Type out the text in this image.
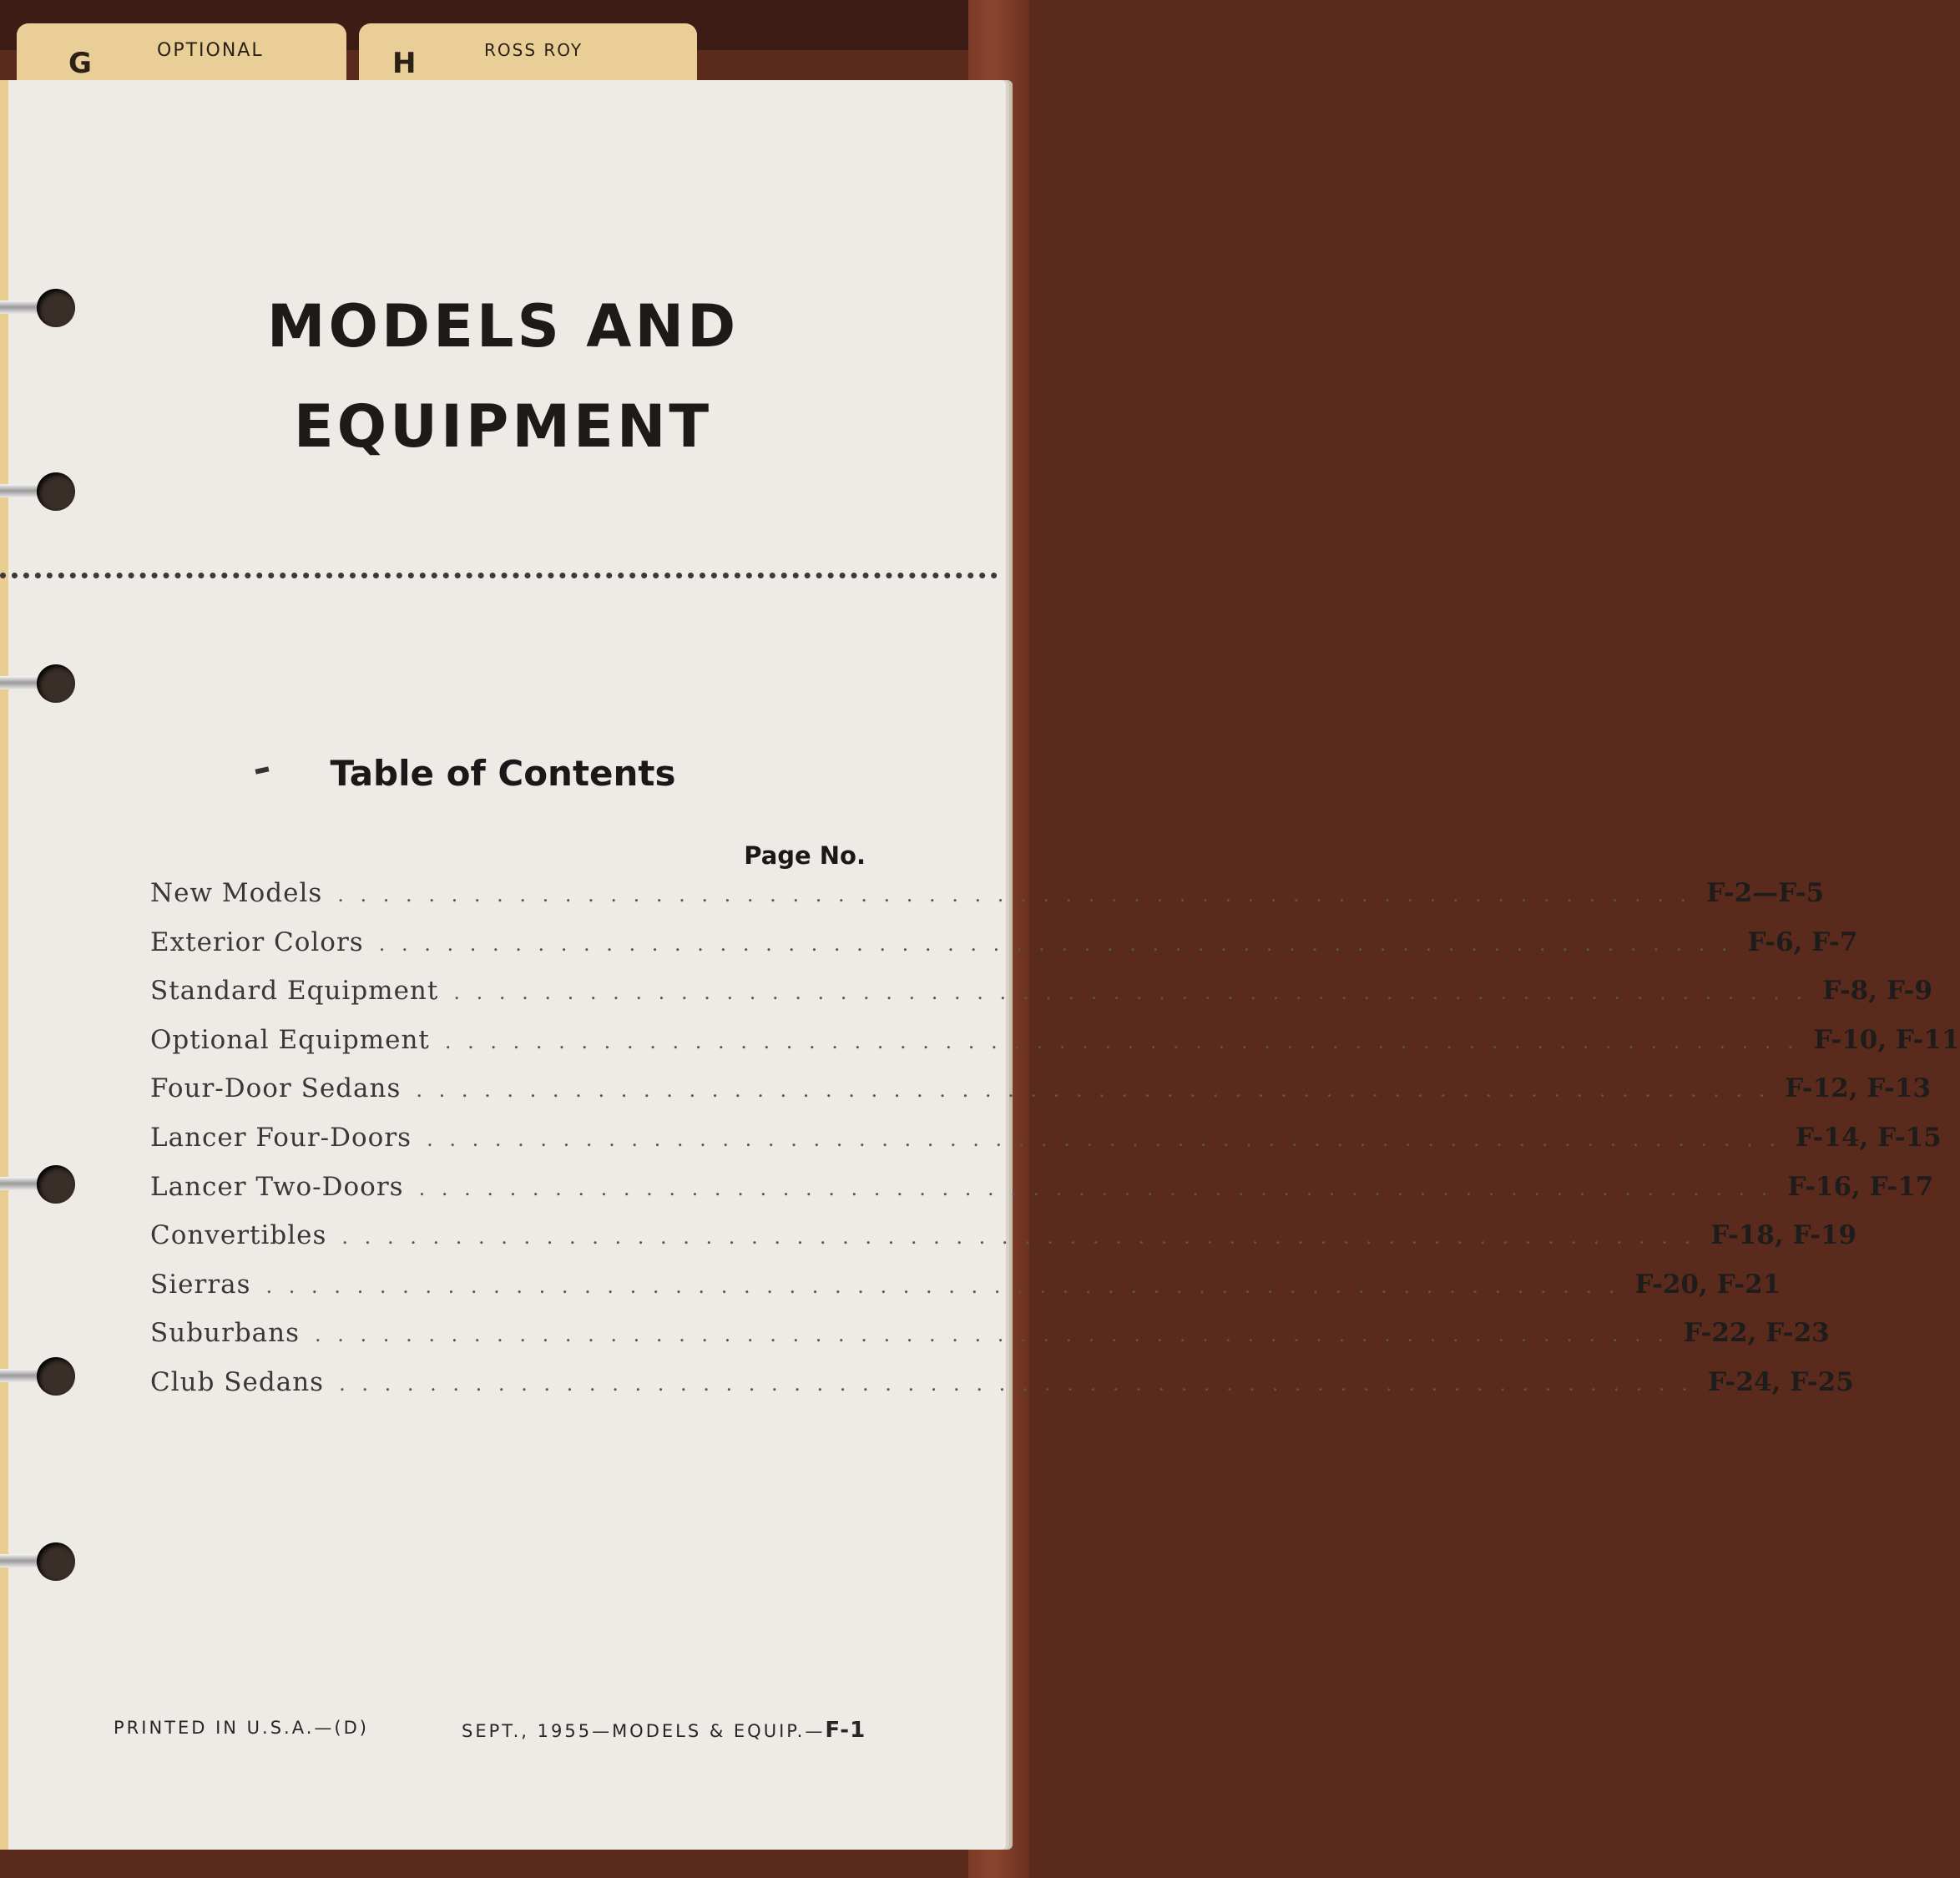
G	OPTIONAL	H	ROSS ROY
MODELS AND
EQUIPMENT
Table of Contents
Page No.
New Models . . . . . . . . . . . . . . . . . . . . . . . . . . . . . . . . . . . . . . . . . . . . . . . . . . . . . . . . . . . . F-2—F-5
Exterior Colors . . . . . . . . . . . . . . . . . . . . . . . . . . . . . . . . . . . . . . . . . . . . . . . . . . . . . . . . . . . . F-6, F-7
Standard Equipment . . . . . . . . . . . . . . . . . . . . . . . . . . . . . . . . . . . . . . . . . . . . . . . . . . . . . . . . . . . . F-8, F-9
Optional Equipment . . . . . . . . . . . . . . . . . . . . . . . . . . . . . . . . . . . . . . . . . . . . . . . . . . . . . . . . . . . . F-10, F-11
Four-Door Sedans . . . . . . . . . . . . . . . . . . . . . . . . . . . . . . . . . . . . . . . . . . . . . . . . . . . . . . . . . . . . F-12, F-13
Lancer Four-Doors . . . . . . . . . . . . . . . . . . . . . . . . . . . . . . . . . . . . . . . . . . . . . . . . . . . . . . . . . . . . F-14, F-15
Lancer Two-Doors . . . . . . . . . . . . . . . . . . . . . . . . . . . . . . . . . . . . . . . . . . . . . . . . . . . . . . . . . . . . F-16, F-17
Convertibles . . . . . . . . . . . . . . . . . . . . . . . . . . . . . . . . . . . . . . . . . . . . . . . . . . . . . . . . . . . . F-18, F-19
Sierras . . . . . . . . . . . . . . . . . . . . . . . . . . . . . . . . . . . . . . . . . . . . . . . . . . . . . . . . . . . . F-20, F-21
Suburbans . . . . . . . . . . . . . . . . . . . . . . . . . . . . . . . . . . . . . . . . . . . . . . . . . . . . . . . . . . . . F-22, F-23
Club Sedans . . . . . . . . . . . . . . . . . . . . . . . . . . . . . . . . . . . . . . . . . . . . . . . . . . . . . . . . . . . . F-24, F-25
PRINTED IN U.S.A.—(D)	SEPT., 1955—MODELS & EQUIP.—F-1
